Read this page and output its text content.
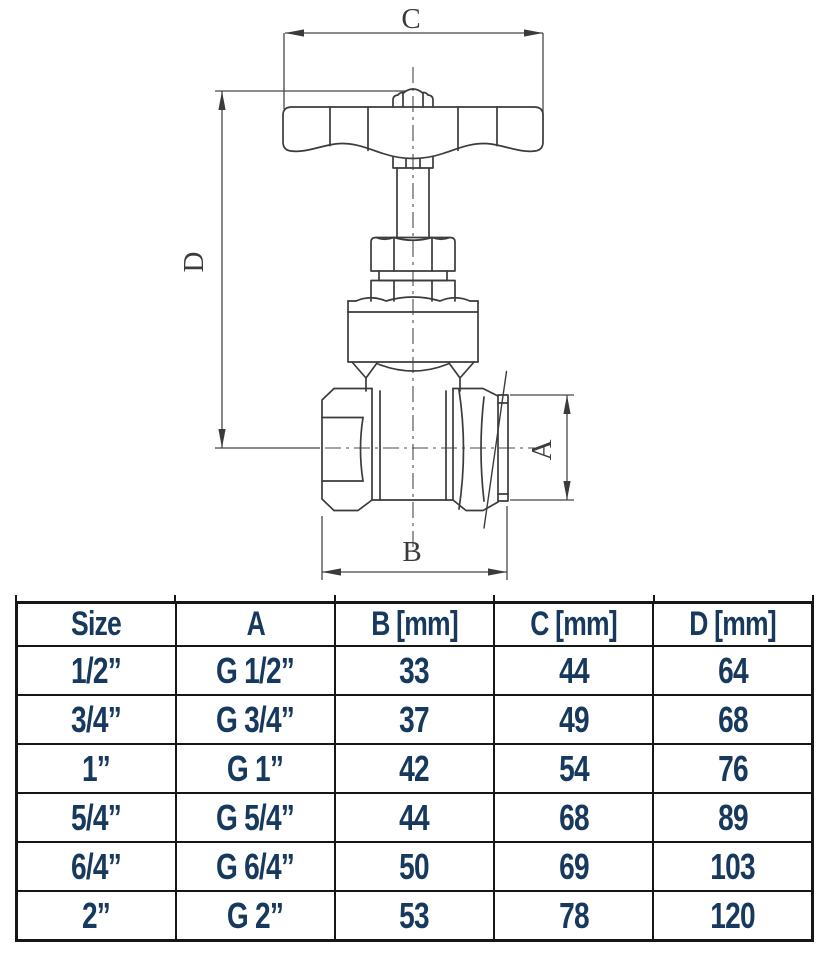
C
D
A
B
Size	A	B [mm]	C [mm]	D [mm]
1/2”	G 1/2”	33	44	64
3/4”	G 3/4”	37	49	68
1”	G 1”	42	54	76
5/4”	G 5/4”	44	68	89
6/4”	G 6/4”	50	69	103
2”	G 2”	53	78	120
